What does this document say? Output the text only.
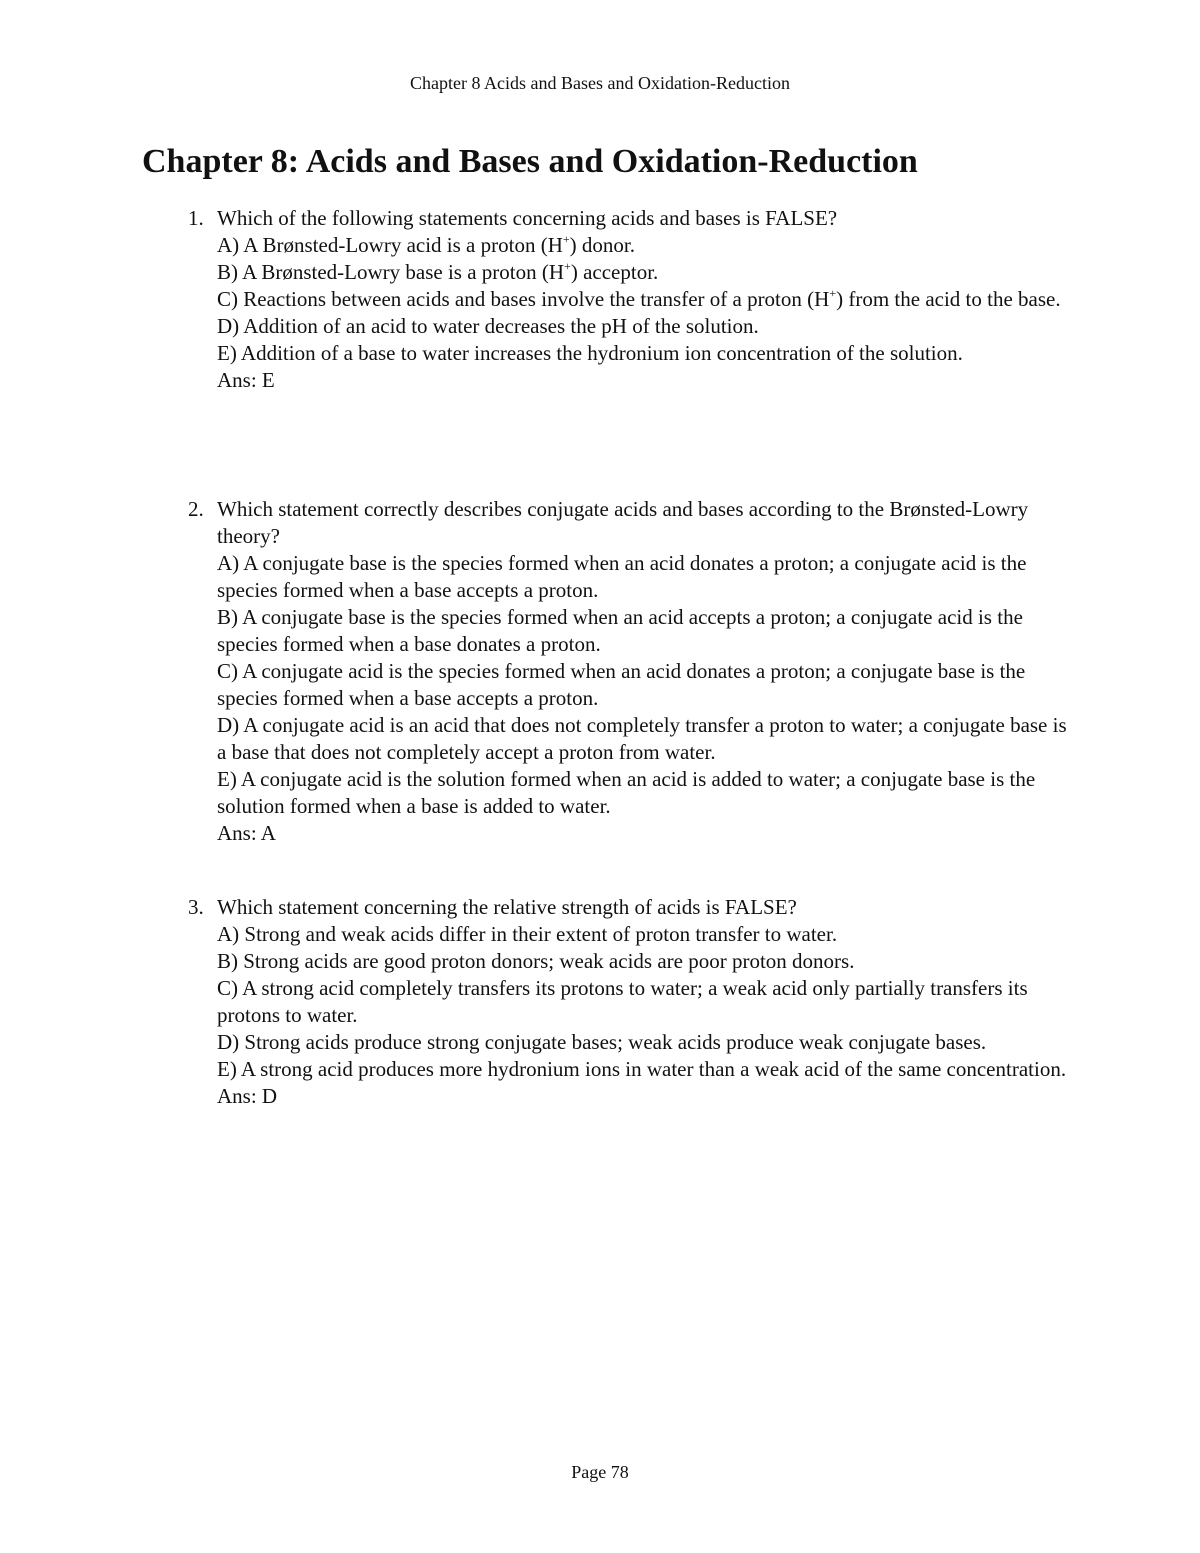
Chapter 8 Acids and Bases and Oxidation-Reduction
Chapter 8: Acids and Bases and Oxidation-Reduction
1. Which of the following statements concerning acids and bases is FALSE?
A) A Brønsted-Lowry acid is a proton (H+) donor.
B) A Brønsted-Lowry base is a proton (H+) acceptor.
C) Reactions between acids and bases involve the transfer of a proton (H+) from the acid to the base.
D) Addition of an acid to water decreases the pH of the solution.
E) Addition of a base to water increases the hydronium ion concentration of the solution.
Ans: E
2. Which statement correctly describes conjugate acids and bases according to the Brønsted-Lowry theory?
A) A conjugate base is the species formed when an acid donates a proton; a conjugate acid is the species formed when a base accepts a proton.
B) A conjugate base is the species formed when an acid accepts a proton; a conjugate acid is the species formed when a base donates a proton.
C) A conjugate acid is the species formed when an acid donates a proton; a conjugate base is the species formed when a base accepts a proton.
D) A conjugate acid is an acid that does not completely transfer a proton to water; a conjugate base is a base that does not completely accept a proton from water.
E) A conjugate acid is the solution formed when an acid is added to water; a conjugate base is the solution formed when a base is added to water.
Ans: A
3. Which statement concerning the relative strength of acids is FALSE?
A) Strong and weak acids differ in their extent of proton transfer to water.
B) Strong acids are good proton donors; weak acids are poor proton donors.
C) A strong acid completely transfers its protons to water; a weak acid only partially transfers its protons to water.
D) Strong acids produce strong conjugate bases; weak acids produce weak conjugate bases.
E) A strong acid produces more hydronium ions in water than a weak acid of the same concentration.
Ans: D
Page 78
